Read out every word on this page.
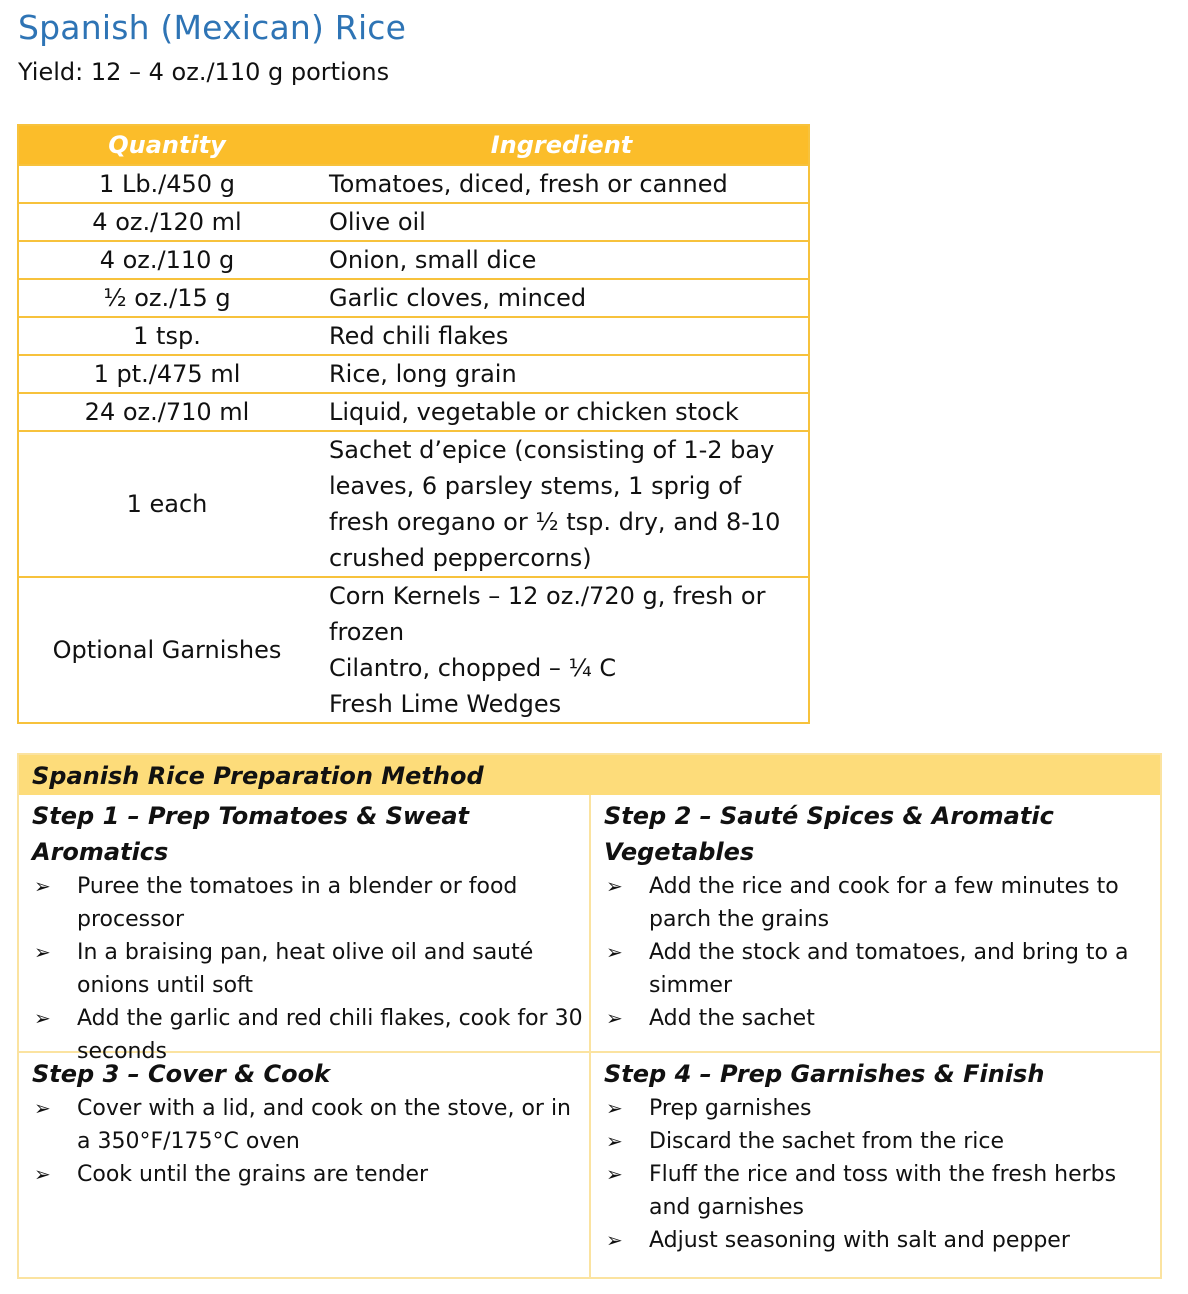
Spanish (Mexican) Rice
Yield: 12 – 4 oz./110 g portions
Quantity	Ingredient
1 Lb./450 g	Tomatoes, diced, fresh or canned

4 oz./120 ml	Olive oil

4 oz./110 g	Onion, small dice

½ oz./15 g	Garlic cloves, minced

1 tsp.	Red chili flakes

1 pt./475 ml	Rice, long grain

24 oz./710 ml	Liquid, vegetable or chicken stock

1 each	Sachet d’epice (consisting of 1-2 bay
leaves, 6 parsley stems, 1 sprig of
fresh oregano or ½ tsp. dry, and 8-10
crushed peppercorns)

Optional Garnishes	Corn Kernels – 12 oz./720 g, fresh or
frozen
Cilantro, chopped – ¼ C
Fresh Lime Wedges
Spanish Rice Preparation Method
Step 1 – Prep Tomatoes & Sweat Aromatics
➢ Puree the tomatoes in a blender or food
processor
➢ In a braising pan, heat olive oil and sauté
onions until soft
➢ Add the garlic and red chili flakes, cook for 30
seconds
Step 2 – Sauté Spices & Aromatic Vegetables
➢ Add the rice and cook for a few minutes to
parch the grains
➢ Add the stock and tomatoes, and bring to a
simmer
➢ Add the sachet
Step 3 – Cover & Cook
➢ Cover with a lid, and cook on the stove, or in
a 350°F/175°C oven
➢ Cook until the grains are tender
Step 4 – Prep Garnishes & Finish
➢ Prep garnishes
➢ Discard the sachet from the rice
➢ Fluff the rice and toss with the fresh herbs
and garnishes
➢ Adjust seasoning with salt and pepper
